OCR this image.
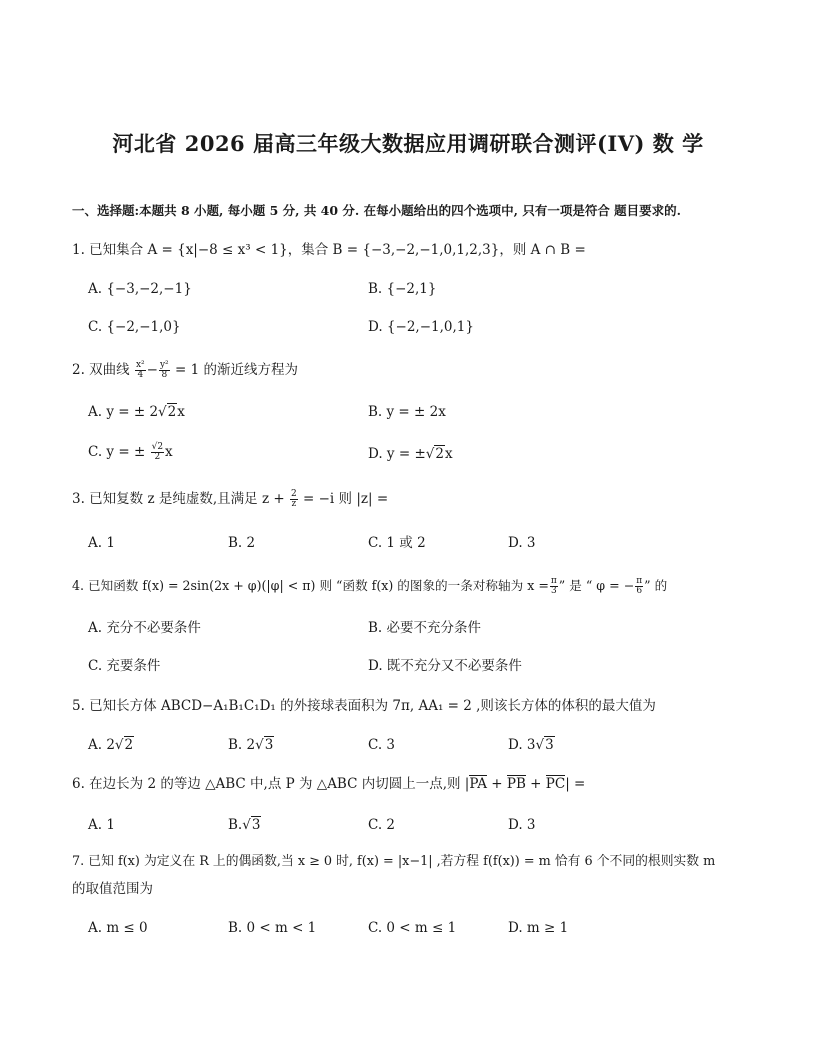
河北省 2026 届高三年级大数据应用调研联合测评(IV) 数 学
一、选择题:本题共 8 小题, 每小题 5 分, 共 40 分. 在每小题给出的四个选项中, 只有一项是符合 题目要求的.
1. 已知集合 A = {x|−8 ≤ x³ < 1}，集合 B = {−3,−2,−1,0,1,2,3}，则 A ∩ B =
A. {−3,−2,−1}	B. {−2,1}
C. {−2,−1,0}	D. {−2,−1,0,1}
2. 双曲线 $\frac{\text{x²}}{4} - \frac{\text{y²}}{8} = 1$ 的渐近线方程为
A. y = ± 2√2x	B. y = ± 2x
C. y = ± $\frac{√2}{2}$ x	D. y = ±√2x
3. 已知复数 z 是纯虚数,且满足 $z + \frac{2}{z} = -i$ 则 |z| =
A. 1	B. 2	C. 1 或 2	D. 3
4. 已知函数 f(x) = 2sin(2x + φ)(|φ| < π) 则 “函数 f(x) 的图象的一条对称轴为 $x = \frac{\pi}{3}$ ” 是 “ φ = − $\frac{\pi}{6}$ ” 的
A. 充分不必要条件	B. 必要不充分条件
C. 充要条件	D. 既不充分又不必要条件
5. 已知长方体 ABCD−A₁B₁C₁D₁ 的外接球表面积为 7π, AA₁ = 2 ,则该长方体的体积的最大值为
A. 2√2	B. 2√3	C. 3	D. 3√3
6. 在边长为 2 的等边 △ABC 中,点 P 为 △ABC 内切圆上一点,则 |PA + PB + PC| =
A. 1	B.√3	C. 2	D. 3
7. 已知 f(x) 为定义在 R 上的偶函数,当 x ≥ 0 时, f(x) = |x−1| ,若方程 f(f(x)) = m 恰有 6 个不同的根则实数 m
的取值范围为
A. m ≤ 0	B. 0 < m < 1	C. 0 < m ≤ 1	D. m ≥ 1
